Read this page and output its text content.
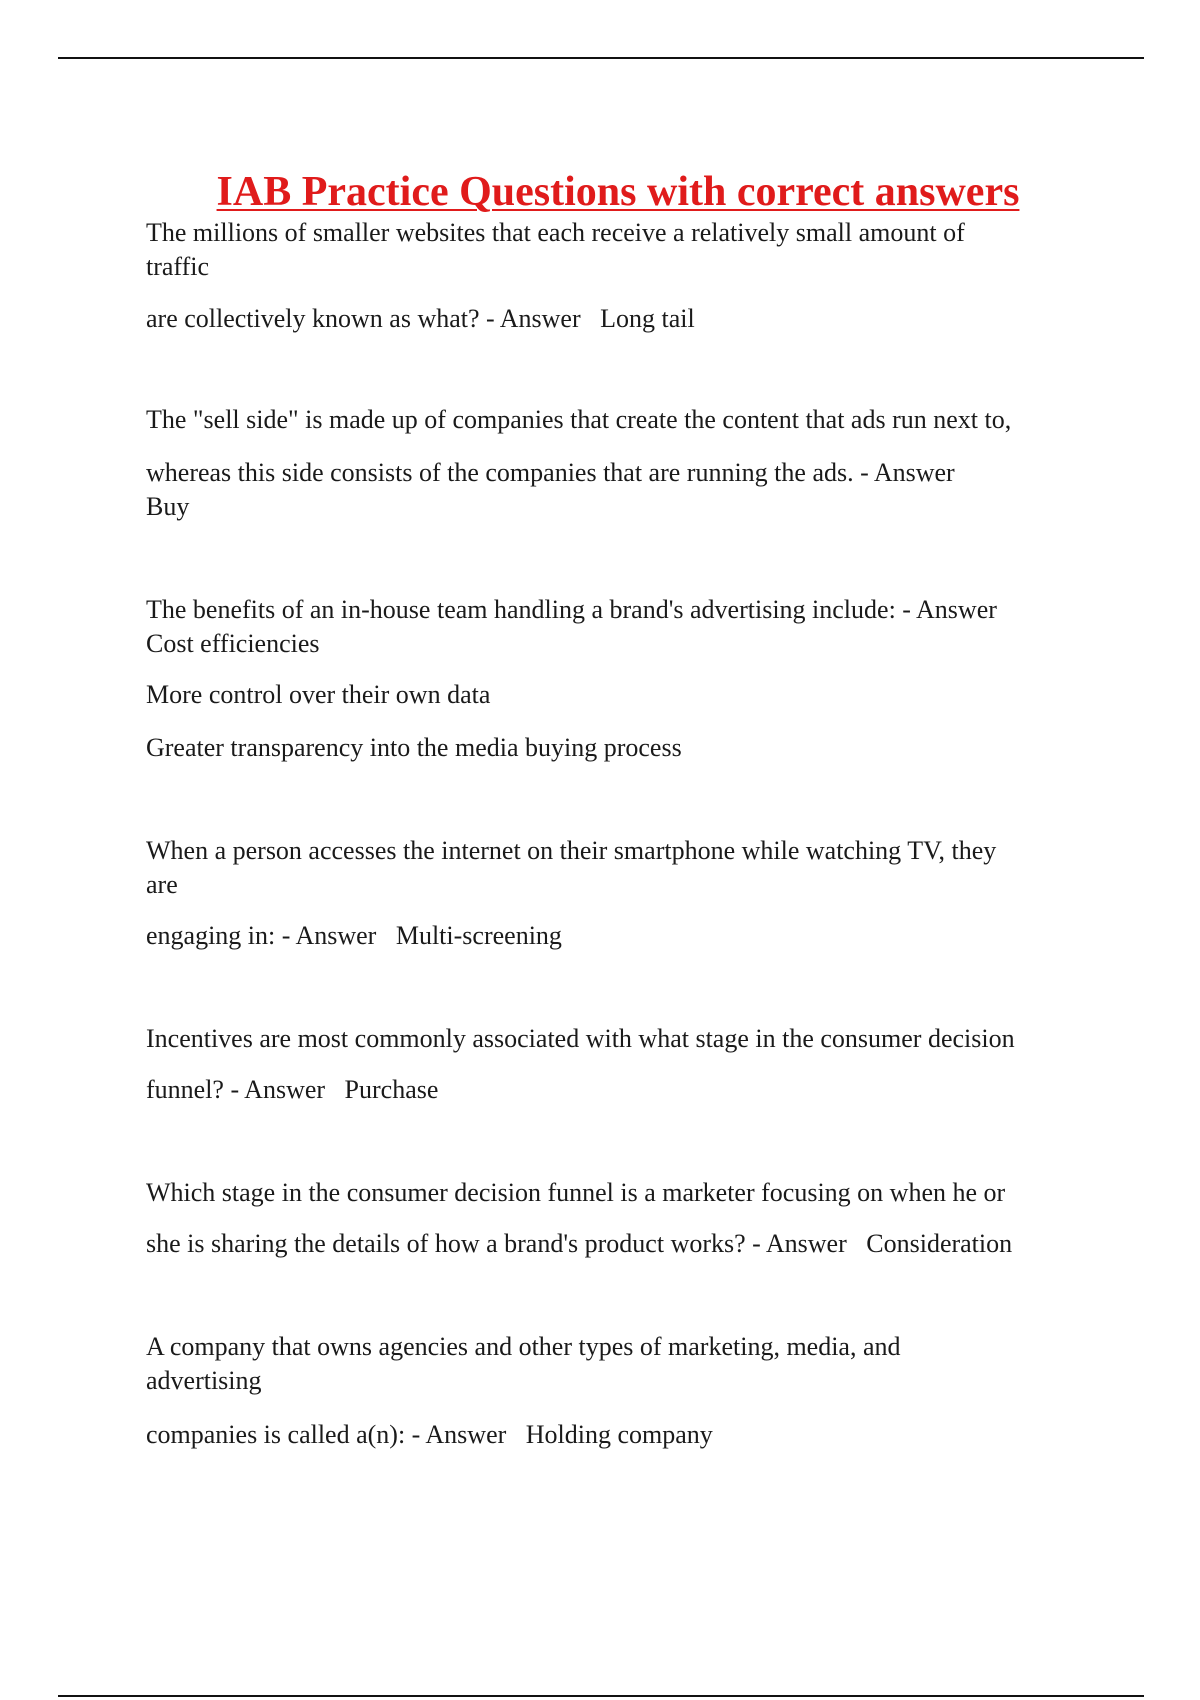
IAB Practice Questions with correct answers
The millions of smaller websites that each receive a relatively small amount of
traffic
are collectively known as what? - Answer   Long tail
The "sell side" is made up of companies that create the content that ads run next to,
whereas this side consists of the companies that are running the ads. - Answer
Buy
The benefits of an in-house team handling a brand's advertising include: - Answer
Cost efficiencies
More control over their own data
Greater transparency into the media buying process
When a person accesses the internet on their smartphone while watching TV, they
are
engaging in: - Answer   Multi-screening
Incentives are most commonly associated with what stage in the consumer decision
funnel? - Answer   Purchase
Which stage in the consumer decision funnel is a marketer focusing on when he or
she is sharing the details of how a brand's product works? - Answer   Consideration
A company that owns agencies and other types of marketing, media, and
advertising
companies is called a(n): - Answer   Holding company
